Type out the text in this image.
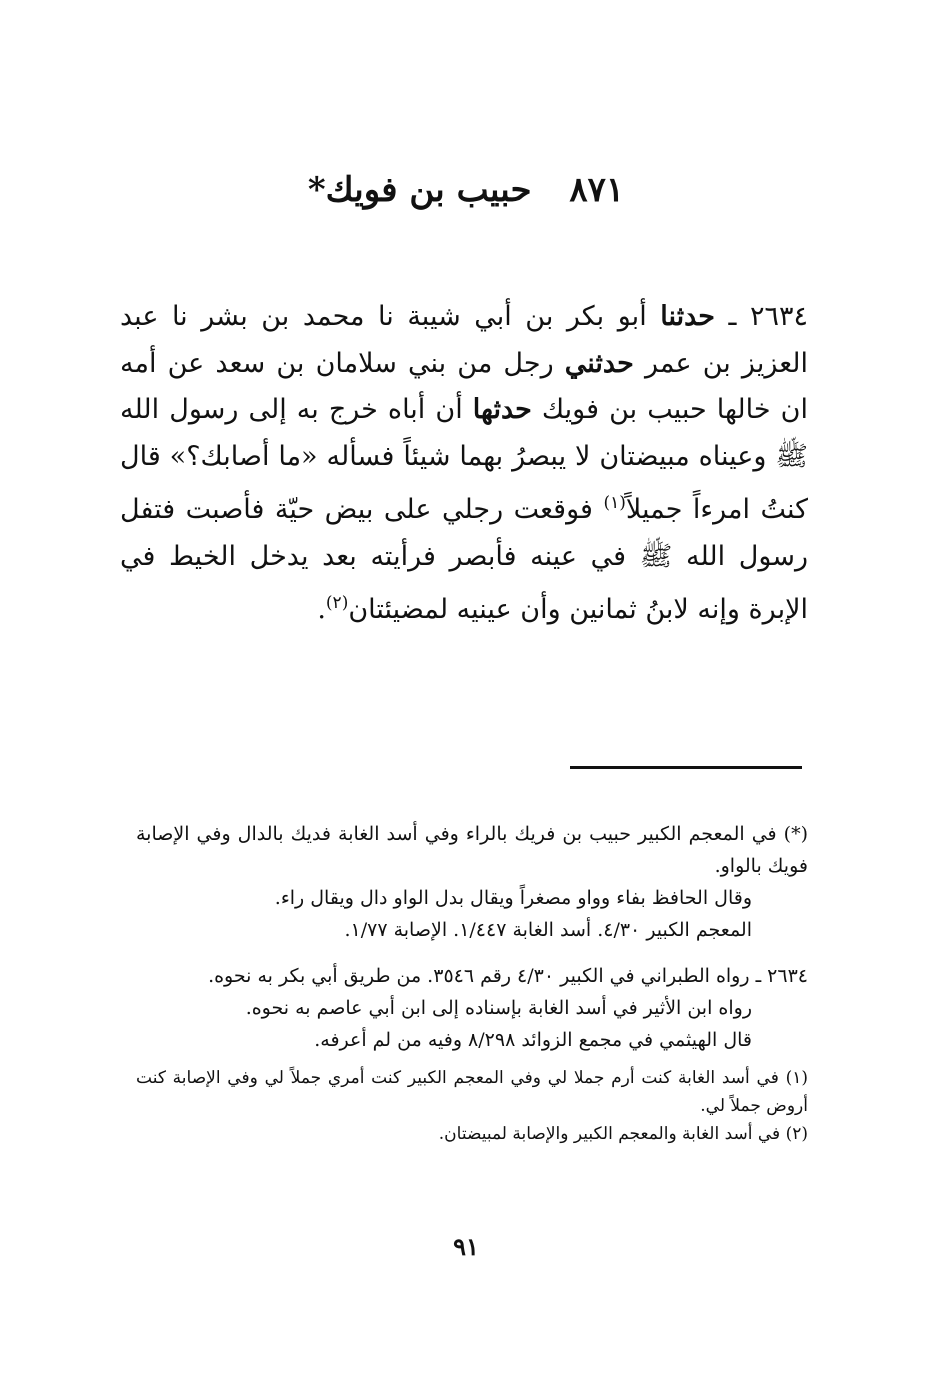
٨٧١ حبيب بن فويك*
٢٦٣٤ ـ حدثنا أبو بكر بن أبي شيبة نا محمد بن بشر نا عبد العزيز بن عمر حدثني رجل من بني سلامان بن سعد عن أمه ان خالها حبيب بن فويك حدثها أن أباه خرج به إلى رسول الله ﷺ وعيناه مبيضتان لا يبصرُ بهما شيئاً فسأله «ما أصابك؟» قال كنتُ امرءاً جميلاً$^{(١)}$ فوقعت رجلي على بيض حيّة فأصبت فتفل رسول الله ﷺ في عينه فأبصر فرأيته بعد يدخل الخيط في الإبرة وإنه لابنُ ثمانين وأن عينيه لمضيئتان$^{(٢)}$.

(*) في المعجم الكبير حبيب بن فريك بالراء وفي أسد الغابة فديك بالدال وفي الإصابة فويك بالواو.

وقال الحافظ بفاء وواو مصغراً ويقال بدل الواو دال ويقال راء.

المعجم الكبير ٤/٣٠. أسد الغابة ١/٤٤٧. الإصابة ١/٧٧.

٢٦٣٤ ـ رواه الطبراني في الكبير ٤/٣٠ رقم ٣٥٤٦. من طريق أبي بكر به نحوه.

رواه ابن الأثير في أسد الغابة بإسناده إلى ابن أبي عاصم به نحوه.

قال الهيثمي في مجمع الزوائد ٨/٢٩٨ وفيه من لم أعرفه.

(١) في أسد الغابة كنت أرم جملا لي وفي المعجم الكبير كنت أمري جملاً لي وفي الإصابة كنت أروض جملاً لي.

(٢) في أسد الغابة والمعجم الكبير والإصابة لمبيضتان.

٩١
